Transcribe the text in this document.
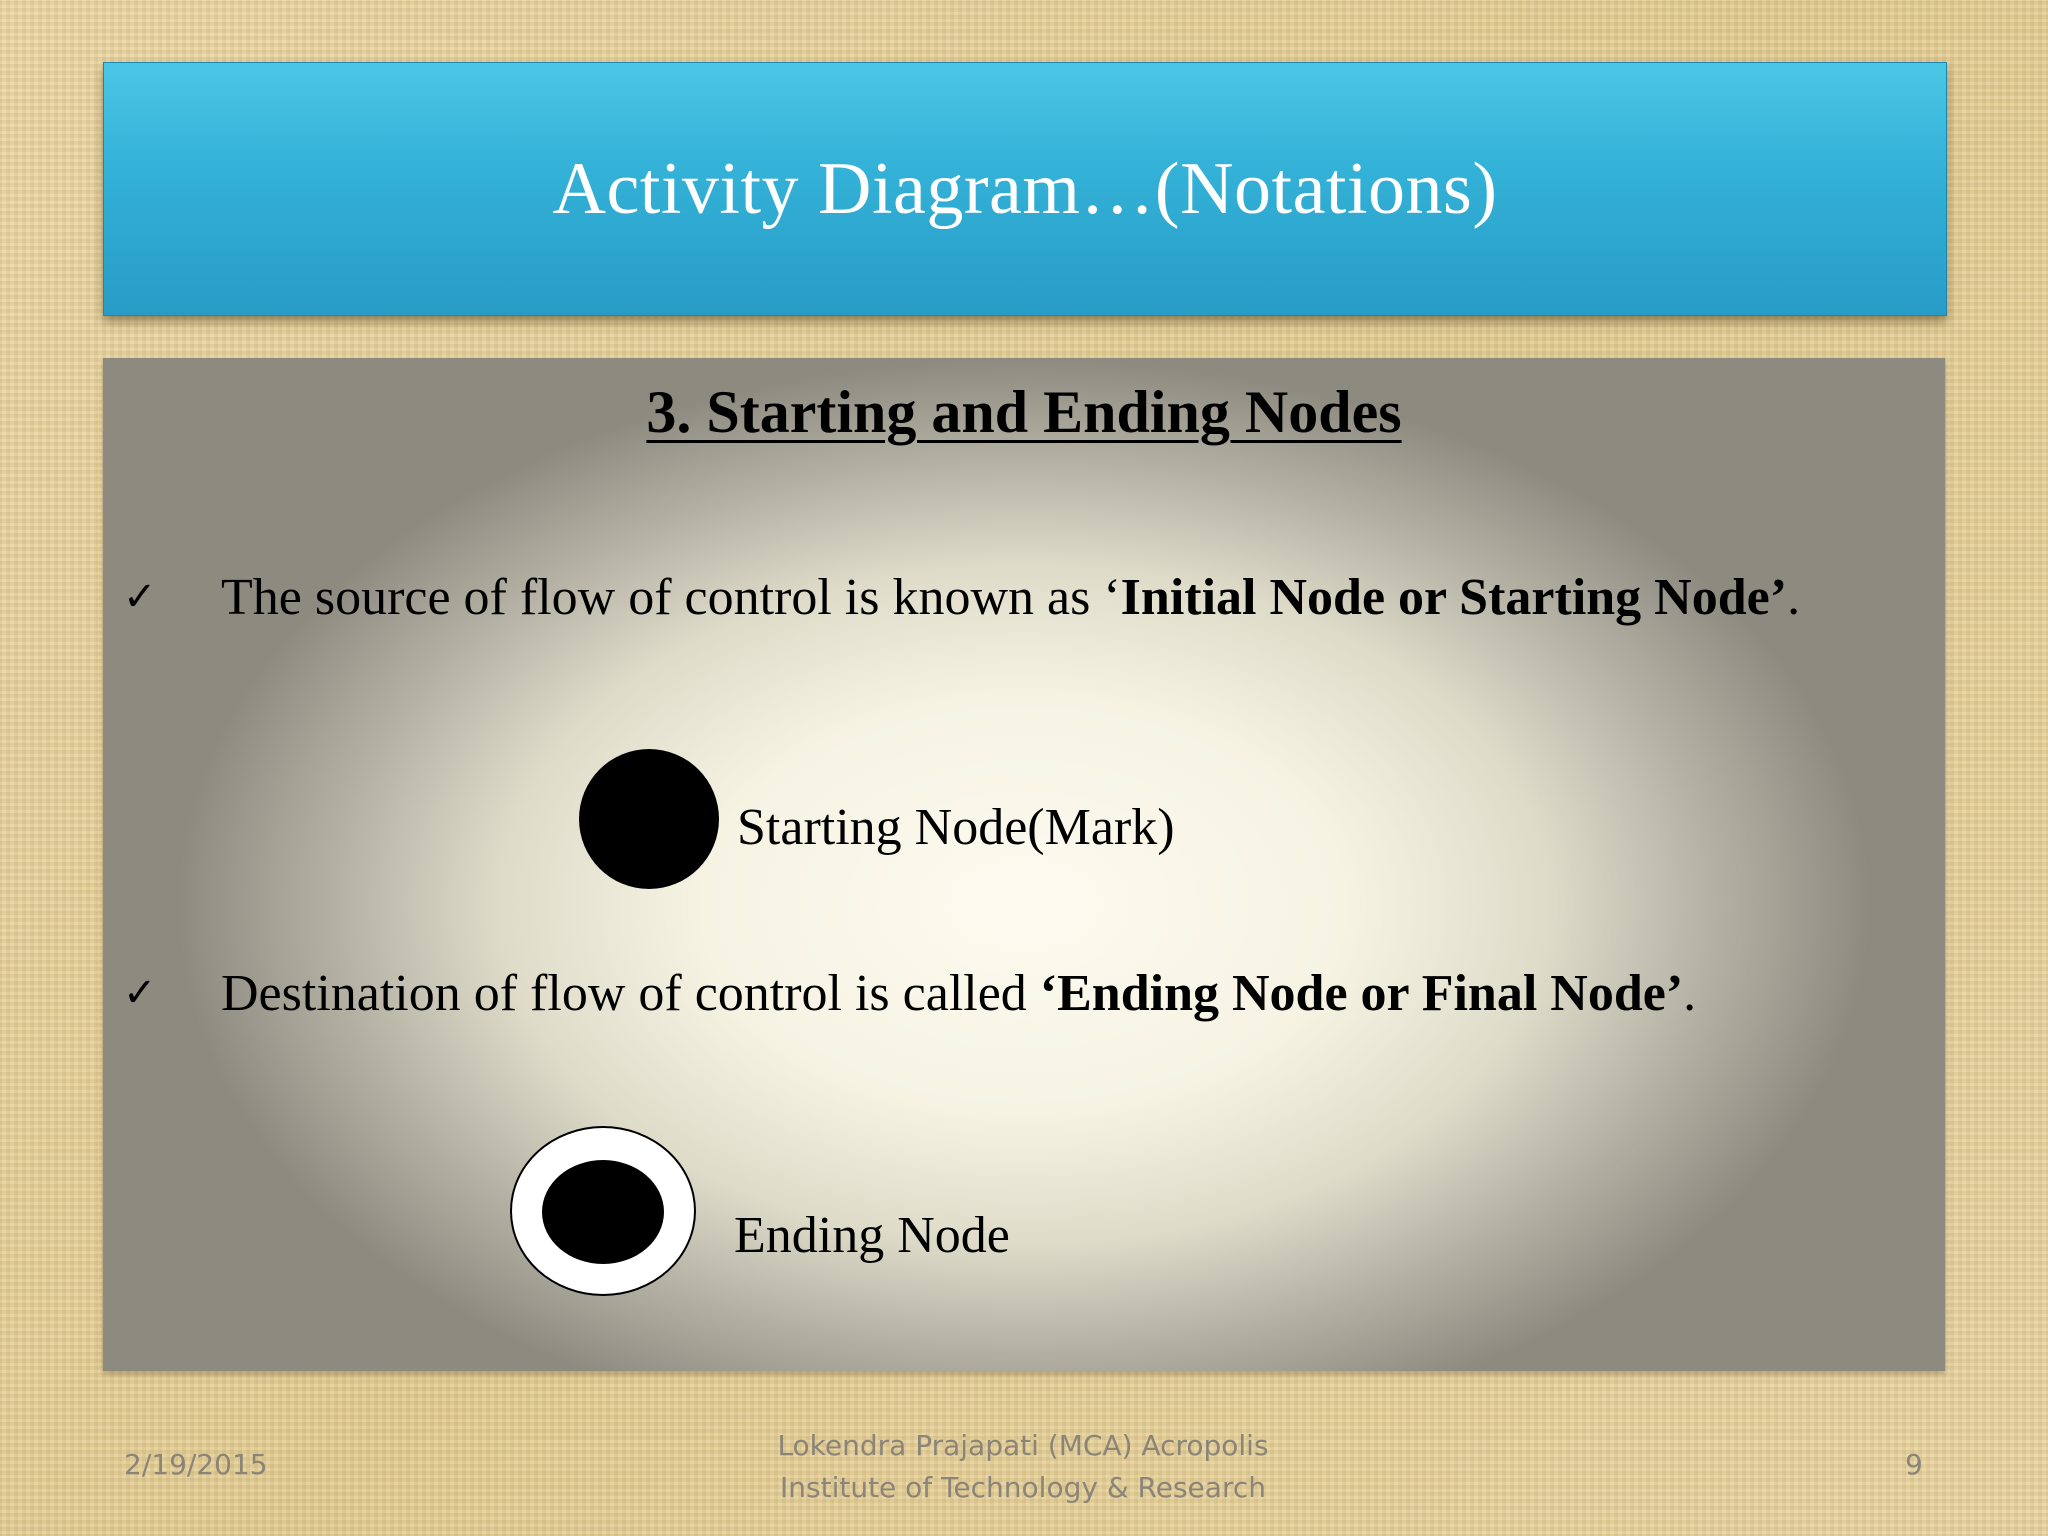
Activity Diagram…(Notations)
3. Starting and Ending Nodes
✓ The source of flow of control is known as ‘Initial Node or Starting Node’.
Starting Node(Mark)
✓ Destination of flow of control is called ‘Ending Node or Final Node’.
Ending Node
2/19/2015
Lokendra Prajapati (MCA) Acropolis
Institute of Technology & Research
9
